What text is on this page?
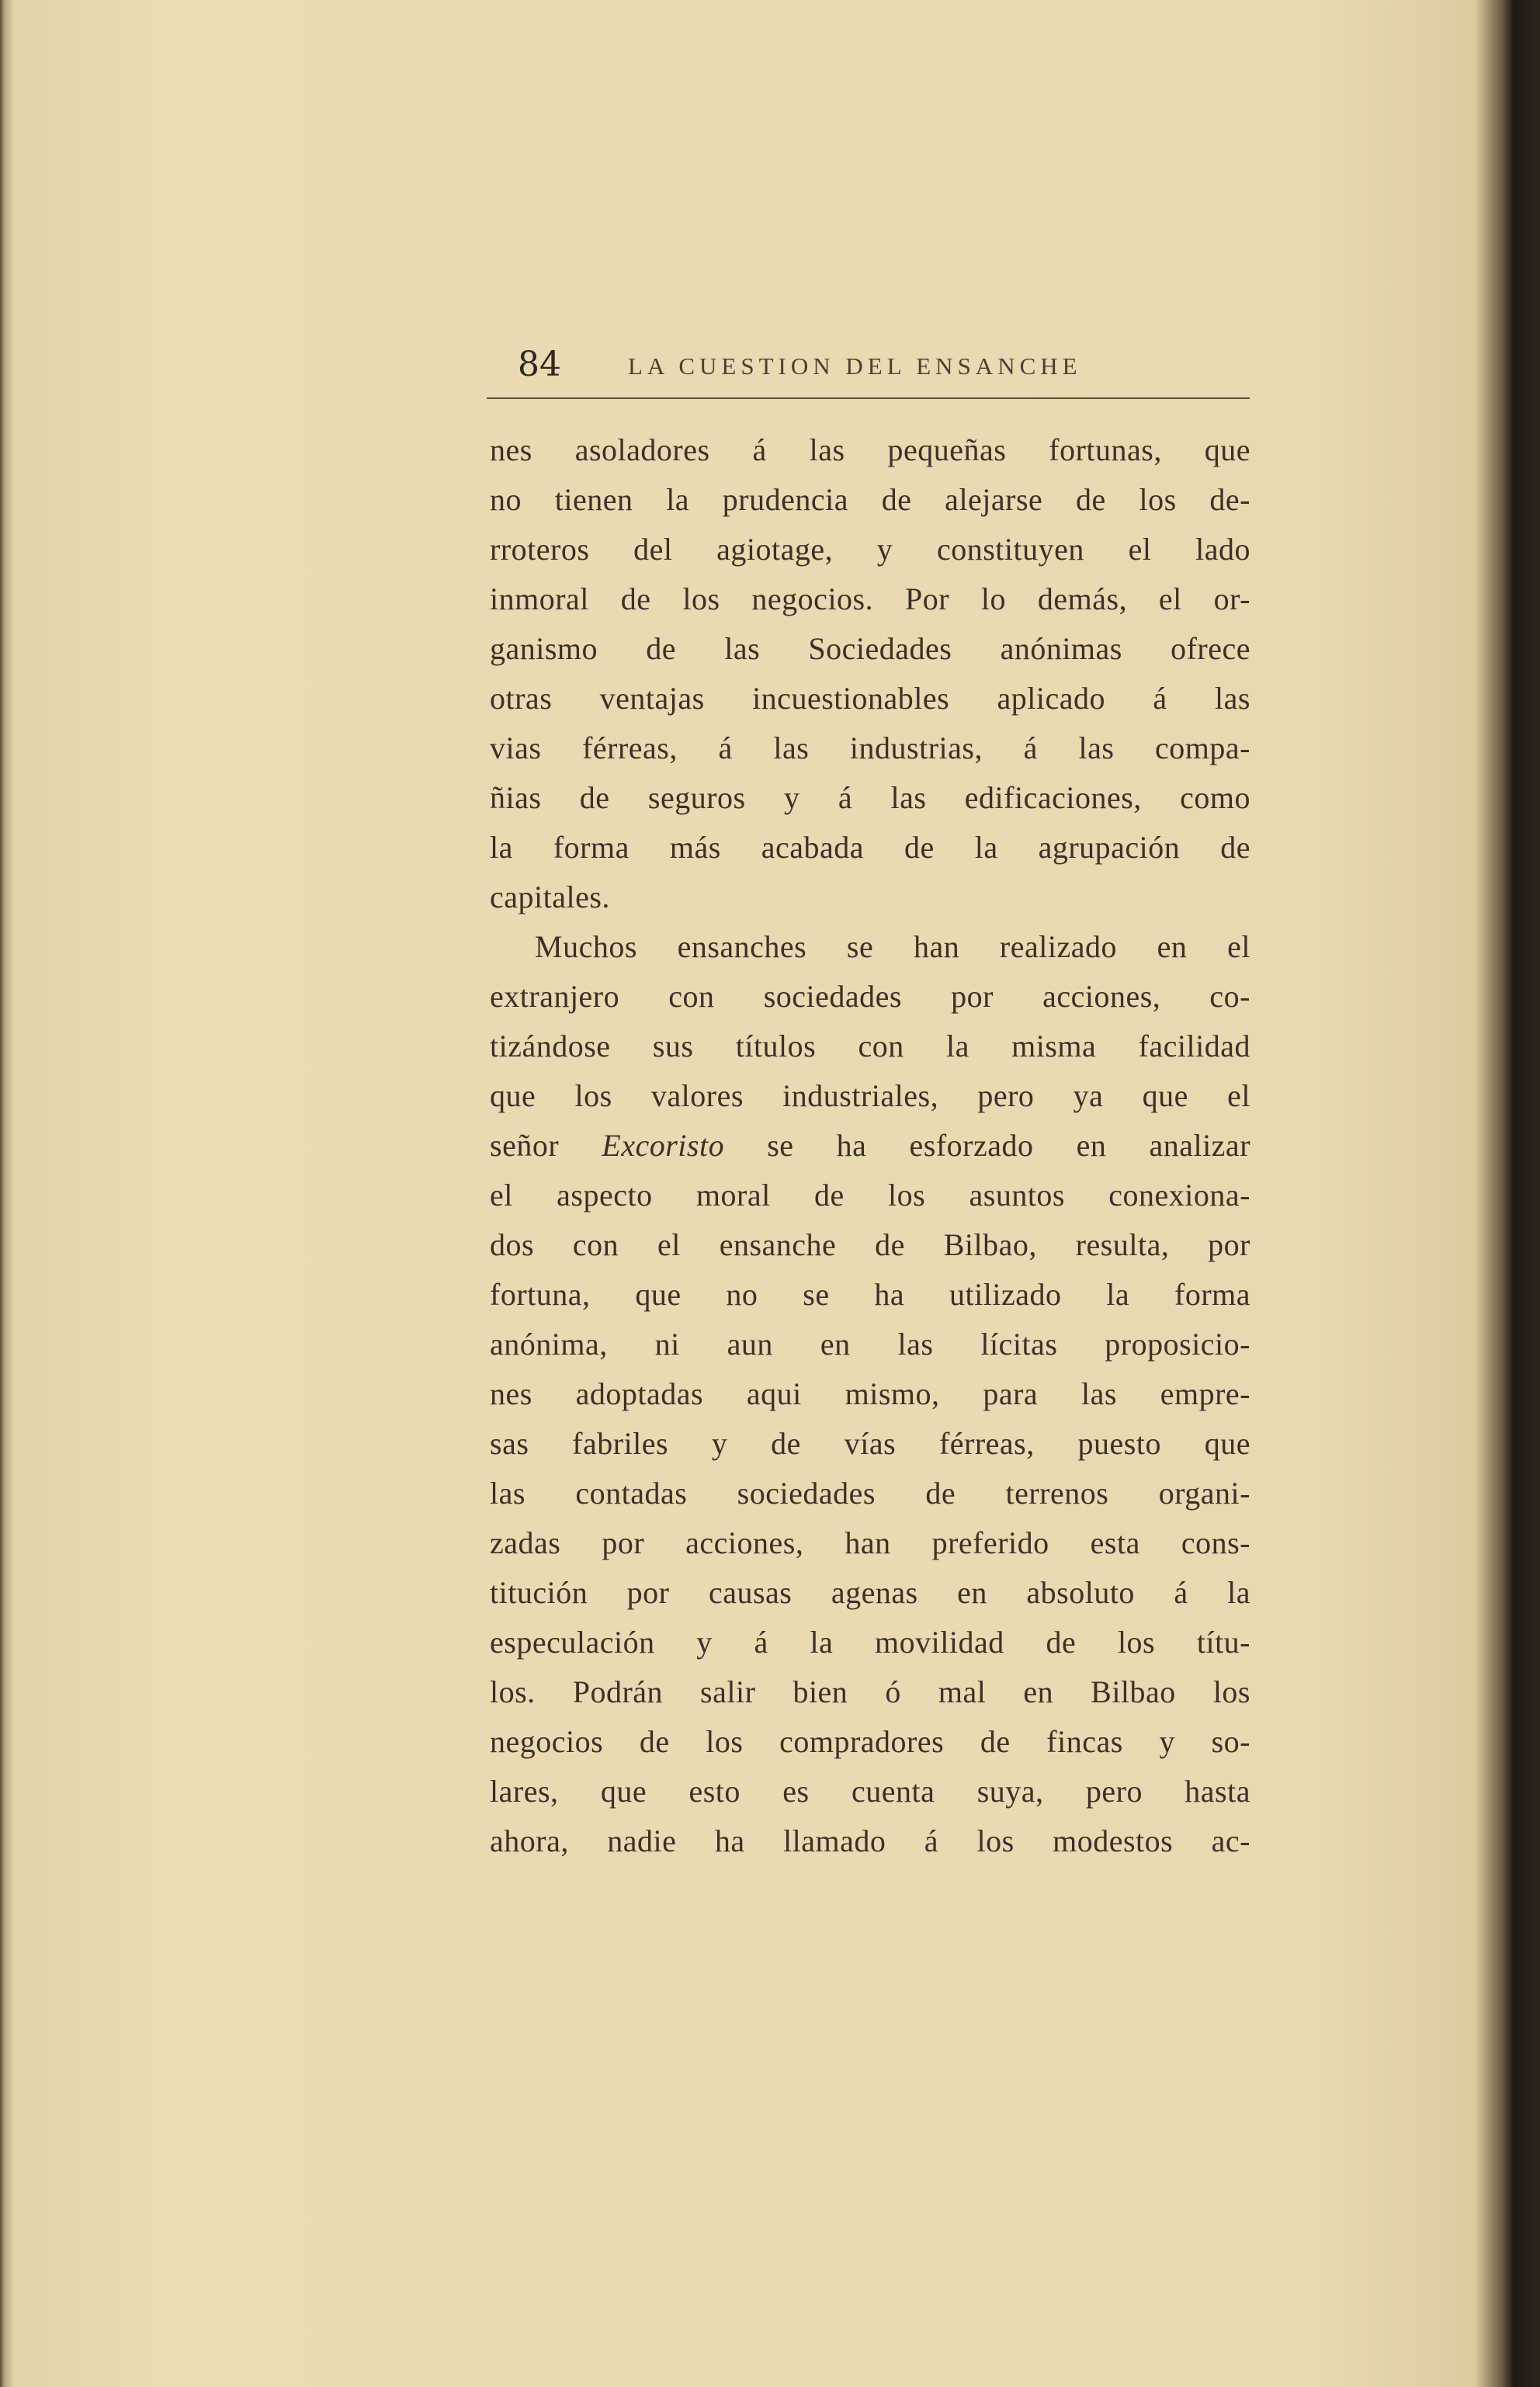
84	LA CUESTION DEL ENSANCHE
nes asoladores á las pequeñas fortunas, que
no tienen la prudencia de alejarse de los de-
rroteros del agiotage, y constituyen el lado
inmoral de los negocios. Por lo demás, el or-
ganismo de las Sociedades anónimas ofrece
otras ventajas incuestionables aplicado á las
vias férreas, á las industrias, á las compa-
ñias de seguros y á las edificaciones, como
la forma más acabada de la agrupación de
capitales.
Muchos ensanches se han realizado en el
extranjero con sociedades por acciones, co-
tizándose sus títulos con la misma facilidad
que los valores industriales, pero ya que el
señor Excoristo se ha esforzado en analizar
el aspecto moral de los asuntos conexiona-
dos con el ensanche de Bilbao, resulta, por
fortuna, que no se ha utilizado la forma
anónima, ni aun en las lícitas proposicio-
nes adoptadas aqui mismo, para las empre-
sas fabriles y de vías férreas, puesto que
las contadas sociedades de terrenos organi-
zadas por acciones, han preferido esta cons-
titución por causas agenas en absoluto á la
especulación y á la movilidad de los títu-
los. Podrán salir bien ó mal en Bilbao los
negocios de los compradores de fincas y so-
lares, que esto es cuenta suya, pero hasta
ahora, nadie ha llamado á los modestos ac-
